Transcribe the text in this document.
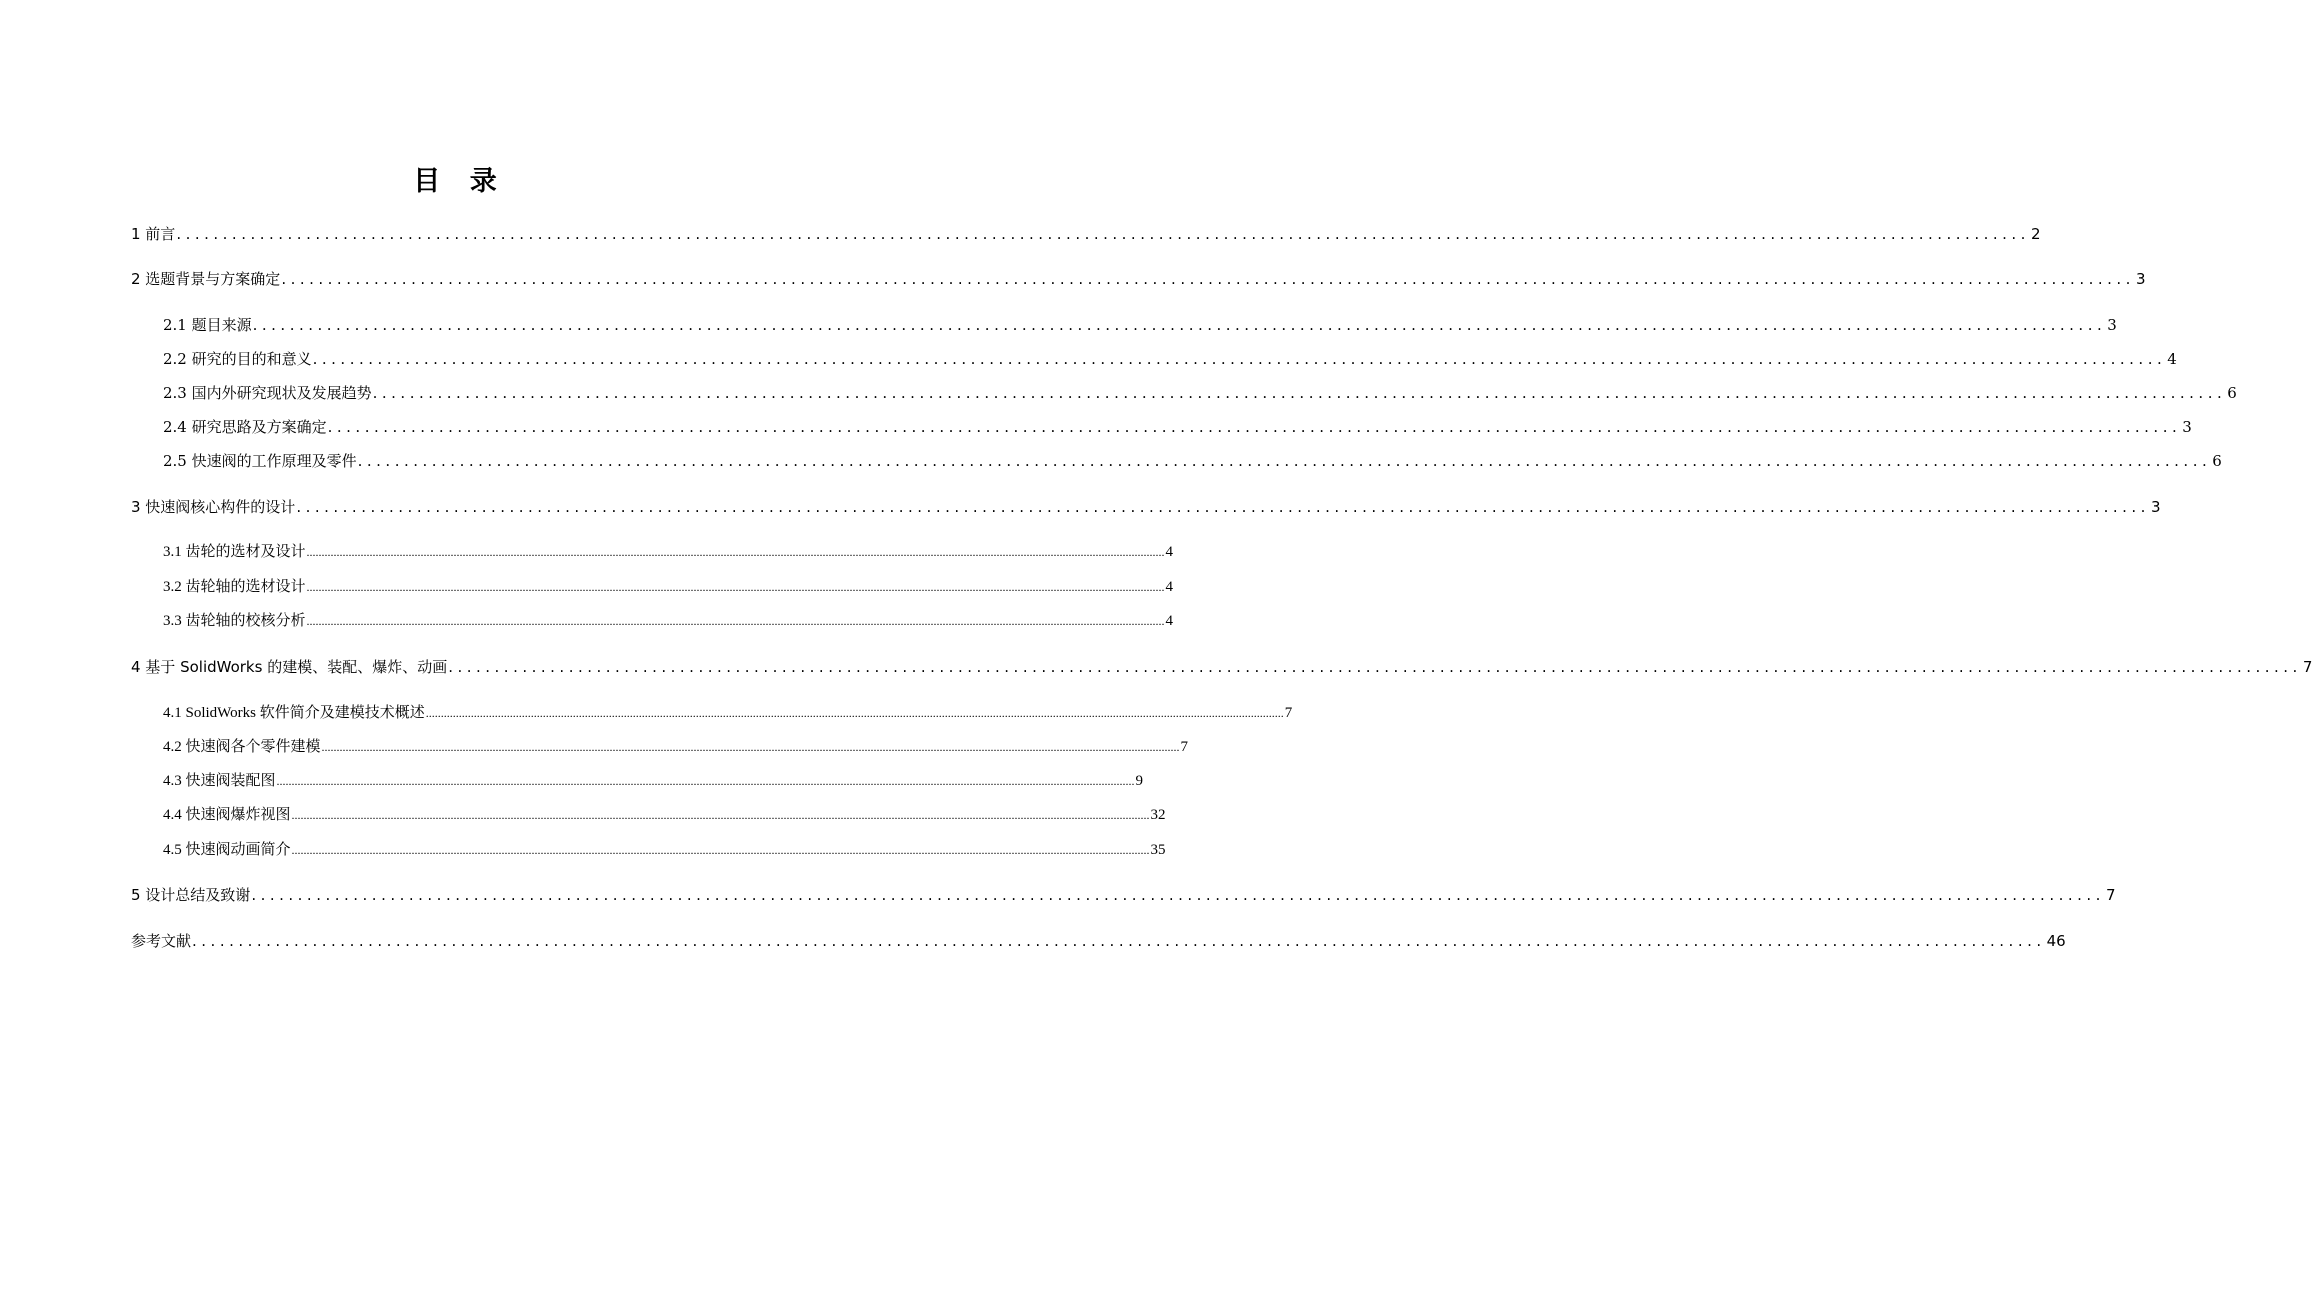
目 录
1 前言 ........................................................................................................................................................................................................ 2
2 选题背景与方案确定 ........................................................................................................................................................................................................ 3
2.1 题目来源 ........................................................................................................................................................................................................ 3
2.2 研究的目的和意义 ........................................................................................................................................................................................................ 4
2.3 国内外研究现状及发展趋势 ........................................................................................................................................................................................................ 6
2.4 研究思路及方案确定 ........................................................................................................................................................................................................ 3
2.5 快速阀的工作原理及零件 ........................................................................................................................................................................................................ 6
3 快速阀核心构件的设计 ........................................................................................................................................................................................................ 3
3.1 齿轮的选材及设计 .............................................................................................................................................................................................................................................................................................. 4
3.2 齿轮轴的选材设计 .............................................................................................................................................................................................................................................................................................. 4
3.3 齿轮轴的校核分析 .............................................................................................................................................................................................................................................................................................. 4
4 基于 SolidWorks 的建模、装配、爆炸、动画 ........................................................................................................................................................................................................ 7
4.1 SolidWorks 软件简介及建模技术概述 .............................................................................................................................................................................................................................................................................................. 7
4.2 快速阀各个零件建模 .............................................................................................................................................................................................................................................................................................. 7
4.3 快速阀装配图 .............................................................................................................................................................................................................................................................................................. 9
4.4 快速阀爆炸视图 .............................................................................................................................................................................................................................................................................................. 32
4.5 快速阀动画简介 .............................................................................................................................................................................................................................................................................................. 35
5 设计总结及致谢 ........................................................................................................................................................................................................ 7
参考文献 ........................................................................................................................................................................................................ 46
